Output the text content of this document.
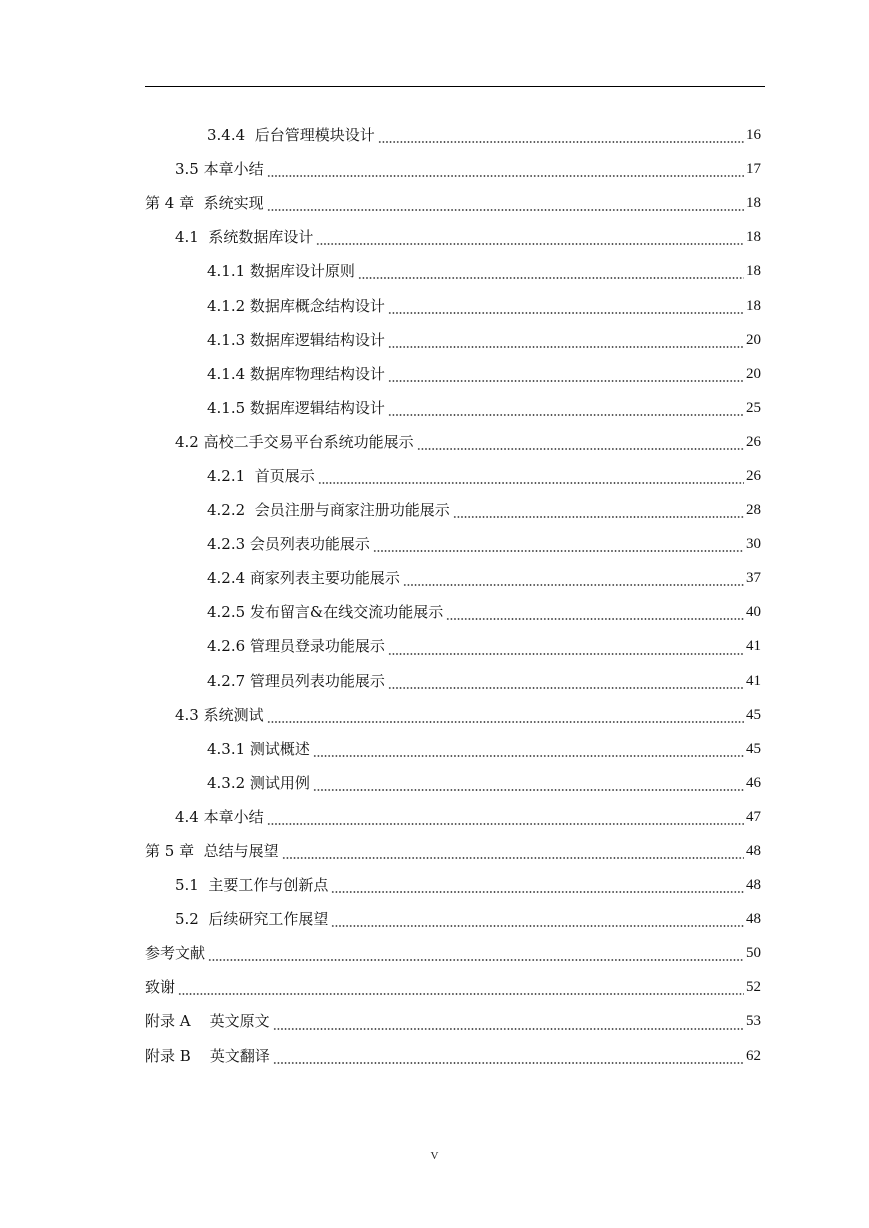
3.4.4  后台管理模块设计	16
3.5 本章小结	17
第 4 章  系统实现	18
4.1  系统数据库设计	18
4.1.1 数据库设计原则	18
4.1.2 数据库概念结构设计	18
4.1.3 数据库逻辑结构设计	20
4.1.4 数据库物理结构设计	20
4.1.5 数据库逻辑结构设计	25
4.2 高校二手交易平台系统功能展示	26
4.2.1  首页展示	26
4.2.2  会员注册与商家注册功能展示	28
4.2.3 会员列表功能展示	30
4.2.4 商家列表主要功能展示	37
4.2.5 发布留言&在线交流功能展示	40
4.2.6 管理员登录功能展示	41
4.2.7 管理员列表功能展示	41
4.3 系统测试	45
4.3.1 测试概述	45
4.3.2 测试用例	46
4.4 本章小结	47
第 5 章  总结与展望	48
5.1  主要工作与创新点	48
5.2  后续研究工作展望	48
参考文献	50
致谢	52
附录 A    英文原文	53
附录 B    英文翻译	62
V
